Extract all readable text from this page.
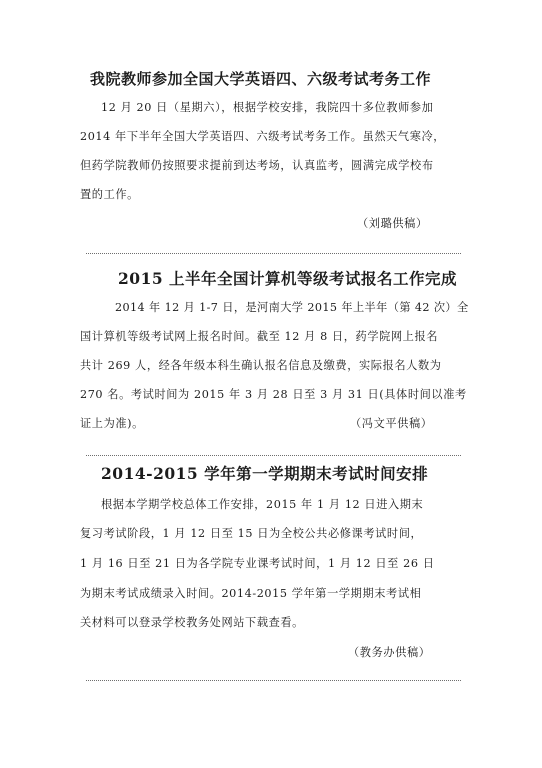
我院教师参加全国大学英语四、六级考试考务工作
12 月 20 日（星期六），根据学校安排，我院四十多位教师参加
2014 年下半年全国大学英语四、六级考试考务工作。虽然天气寒冷，
但药学院教师仍按照要求提前到达考场，认真监考，圆满完成学校布
置的工作。
（刘璐供稿）
2015 上半年全国计算机等级考试报名工作完成
2014 年 12 月 1-7 日，是河南大学 2015 年上半年（第 42 次）全
国计算机等级考试网上报名时间。截至 12 月 8 日，药学院网上报名
共计 269 人，经各年级本科生确认报名信息及缴费，实际报名人数为
270 名。考试时间为 2015 年 3 月 28 日至 3 月 31 日(具体时间以准考
证上为准)。	（冯文平供稿）
2014-2015 学年第一学期期末考试时间安排
根据本学期学校总体工作安排，2015 年 1 月 12 日进入期末
复习考试阶段，1 月 12 日至 15 日为全校公共必修课考试时间，
1 月 16 日至 21 日为各学院专业课考试时间，1 月 12 日至 26 日
为期末考试成绩录入时间。2014-2015 学年第一学期期末考试相
关材料可以登录学校教务处网站下载查看。
（教务办供稿）
